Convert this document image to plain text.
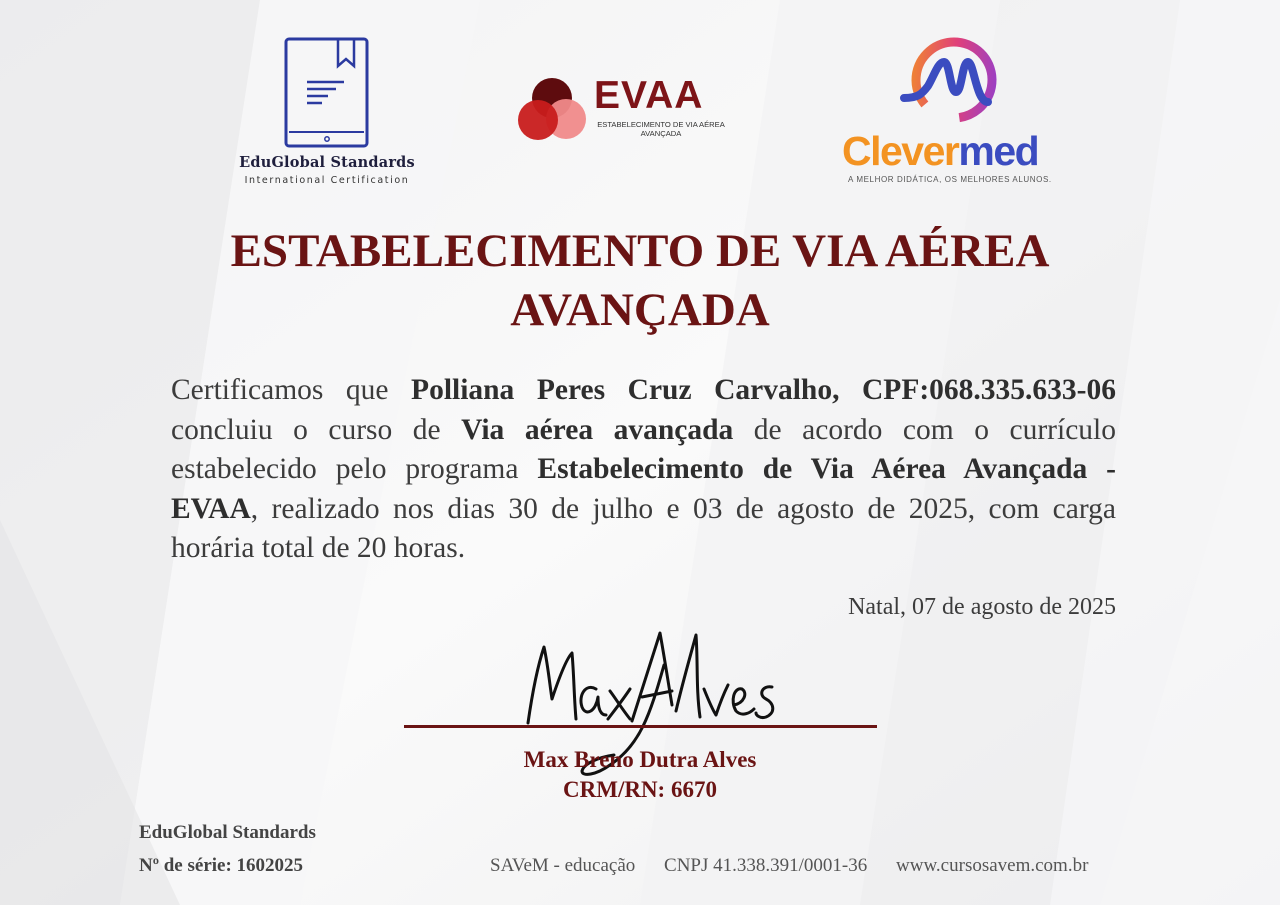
EduGlobal Standards
International Certification
EVAA
ESTABELECIMENTO DE VIA AÉREA AVANÇADA	Clevermed
A MELHOR DIDÁTICA, OS MELHORES ALUNOS.
ESTABELECIMENTO DE VIA AÉREA
AVANÇADA
Certificamos que Polliana Peres Cruz Carvalho, CPF:068.335.633-06 concluiu o curso de Via aérea avançada de acordo com o currículo estabelecido pelo programa Estabelecimento de Via Aérea Avançada - EVAA, realizado nos dias 30 de julho e 03 de agosto de 2025, com carga horária total de 20 horas.
Natal, 07 de agosto de 2025
Max Breno Dutra Alves
CRM/RN: 6670
EduGlobal Standards
Nº de série: 1602025	SAVeM - educação CNPJ 41.338.391/0001-36 www.cursosavem.com.br
